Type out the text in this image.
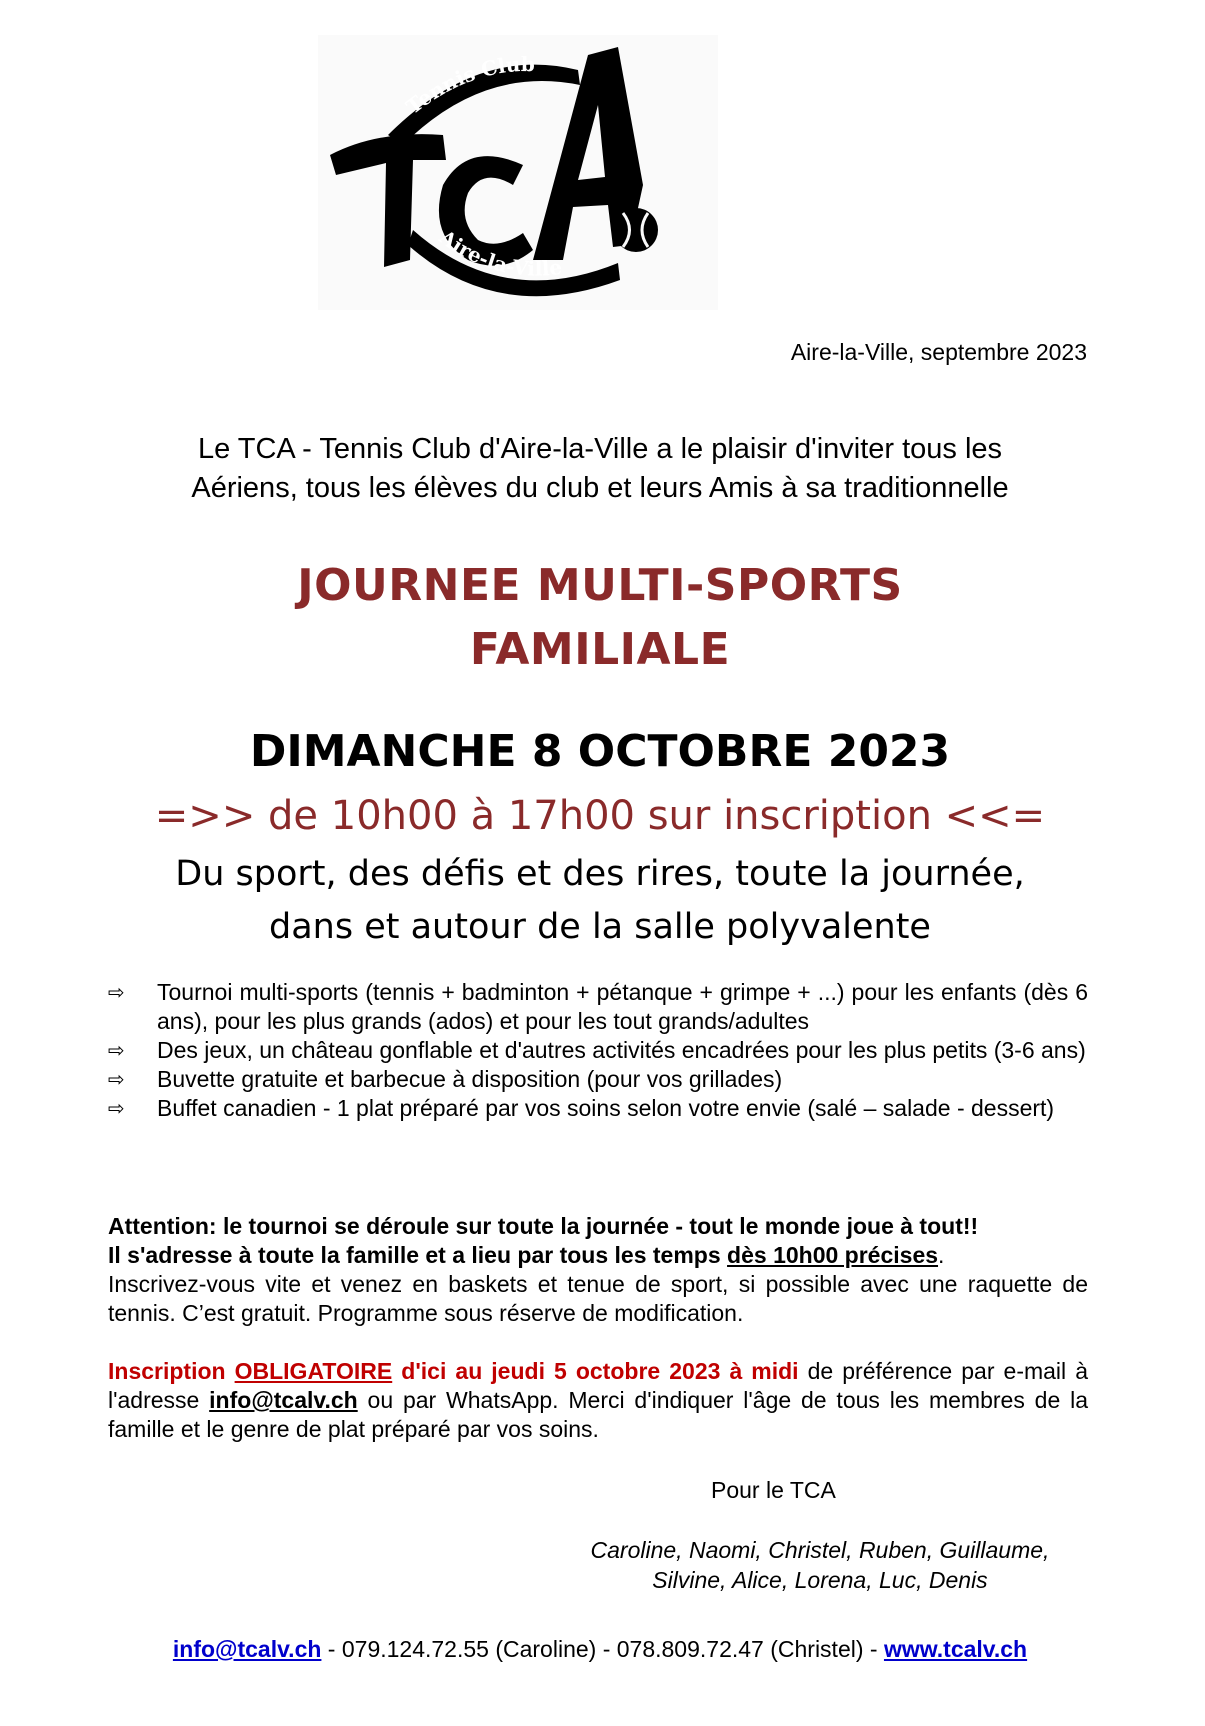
Tennis Club
Aire-la-Ville
Aire-la-Ville, septembre 2023
Le TCA - Tennis Club d'Aire-la-Ville a le plaisir d'inviter tous les
Aériens, tous les élèves du club et leurs Amis à sa traditionnelle
JOURNEE MULTI-SPORTS
FAMILIALE
DIMANCHE 8 OCTOBRE 2023
=>> de 10h00 à 17h00 sur inscription <<=
Du sport, des défis et des rires, toute la journée,
dans et autour de la salle polyvalente
⇨ Tournoi multi-sports (tennis + badminton + pétanque + grimpe + ...) pour les enfants (dès 6 ans), pour les plus grands (ados) et pour les tout grands/adultes
⇨ Des jeux, un château gonflable et d'autres activités encadrées pour les plus petits (3-6 ans)
⇨ Buvette gratuite et barbecue à disposition (pour vos grillades)
⇨ Buffet canadien - 1 plat préparé par vos soins selon votre envie (salé – salade - dessert)
Attention: le tournoi se déroule sur toute la journée - tout le monde joue à tout!!
Il s'adresse à toute la famille et a lieu par tous les temps dès 10h00 précises.
Inscrivez-vous vite et venez en baskets et tenue de sport, si possible avec une raquette de tennis. C’est gratuit. Programme sous réserve de modification.
Inscription OBLIGATOIRE d'ici au jeudi 5 octobre 2023 à midi de préférence par e-mail à l'adresse info@tcalv.ch ou par WhatsApp. Merci d'indiquer l'âge de tous les membres de la famille et le genre de plat préparé par vos soins.
Pour le TCA
Caroline, Naomi, Christel, Ruben, Guillaume,
Silvine, Alice, Lorena, Luc, Denis
info@tcalv.ch - 079.124.72.55 (Caroline) - 078.809.72.47 (Christel) - www.tcalv.ch
